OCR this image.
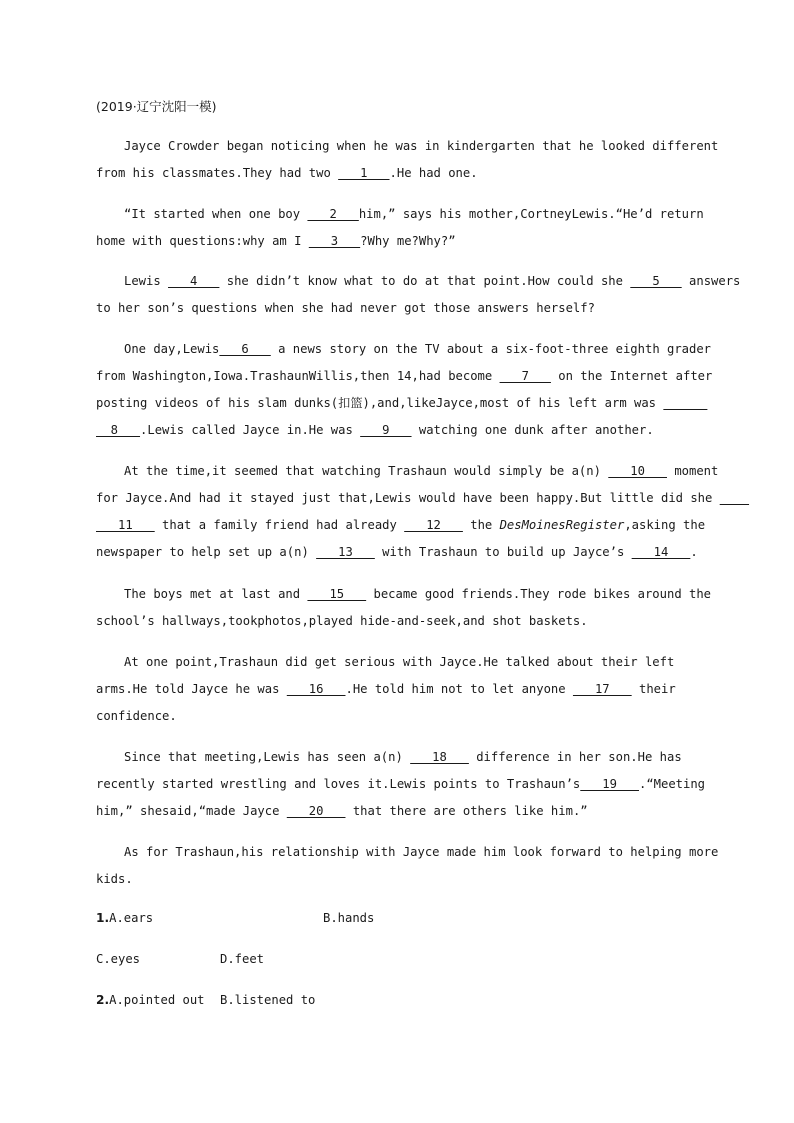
(2019·辽宁沈阳一模)
Jayce Crowder began noticing when he was in kindergarten that he looked different
from his classmates.They had two    1   .He had one.
“It started when one boy    2   him,” says his mother,CortneyLewis.“He’d return
home with questions:why am I    3   ?Why me?Why?”
Lewis    4    she didn’t know what to do at that point.How could she    5    answers
to her son’s questions when she had never got those answers herself?
One day,Lewis   6    a news story on the TV about a six-foot-three eighth grader
from Washington,Iowa.TrashaunWillis,then 14,had become    7    on the Internet after
posting videos of his slam dunks(扣篮),and,likeJayce,most of his left arm was
8   .Lewis called Jayce in.He was    9    watching one dunk after another.
At the time,it seemed that watching Trashaun would simply be a(n)    10    moment
for Jayce.And had it stayed just that,Lewis would have been happy.But little did she
11    that a family friend had already    12    the DesMoinesRegister,asking the
newspaper to help set up a(n)    13    with Trashaun to build up Jayce’s    14   .
The boys met at last and    15    became good friends.They rode bikes around the
school’s hallways,tookphotos,played hide-and-seek,and shot baskets.
At one point,Trashaun did get serious with Jayce.He talked about their left
arms.He told Jayce he was    16   .He told him not to let anyone    17    their
confidence.
Since that meeting,Lewis has seen a(n)    18    difference in her son.He has
recently started wrestling and loves it.Lewis points to Trashaun’s   19   .“Meeting
him,” shesaid,“made Jayce    20    that there are others like him.”
As for Trashaun,his relationship with Jayce made him look forward to helping more
kids.
1.A.ears	B.hands
C.eyes	D.feet
2.A.pointed out B.listened to
